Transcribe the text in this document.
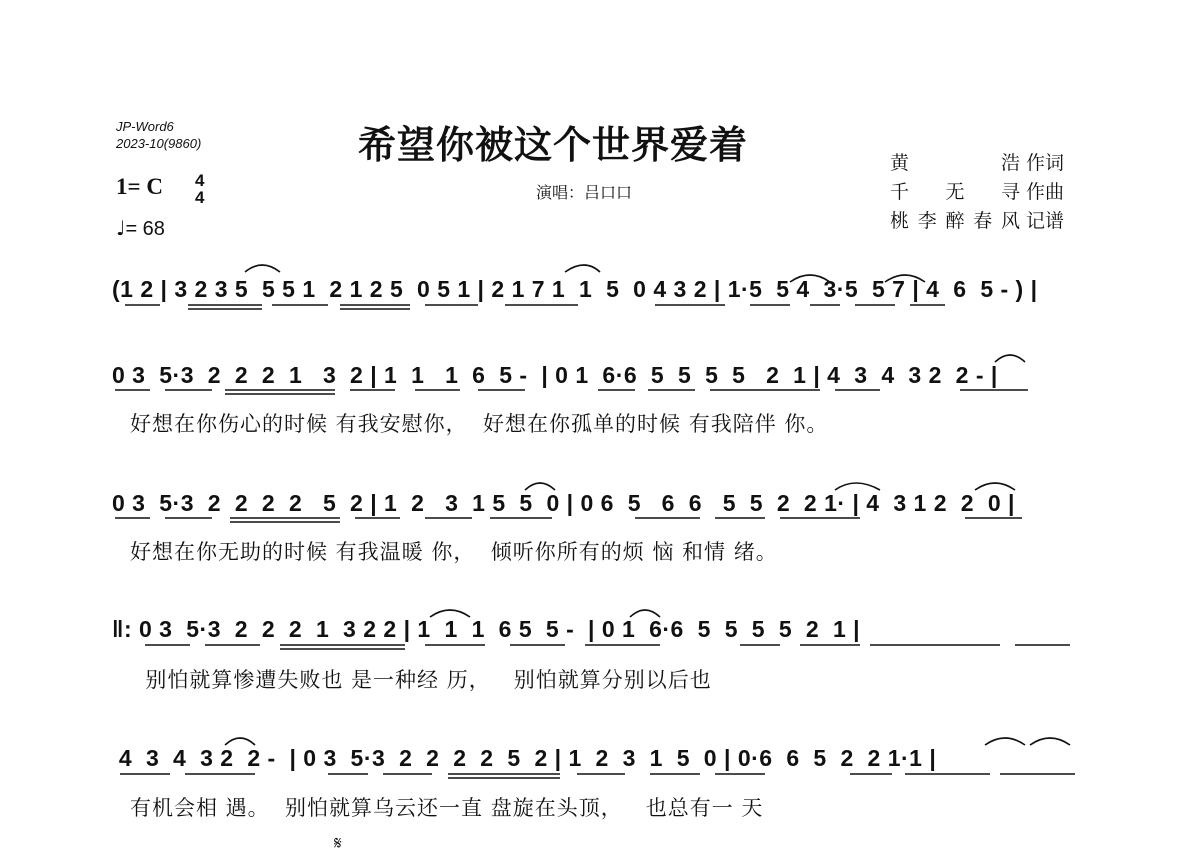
JP-Word6
2023-10(9860)	希望你被这个世界爱着
演唱：吕口口
黄　　浩 作词
千 无 寻 作曲
桃李醉春风 记谱
1= C 4
4
♩= 68
(1 2 | 3 2 3 5  5 5 1  2 1 2 5  0 5 1 | 2 1 7 1  1  5  0 4 3 2 | 1·5  5 4  3·5  5 7 | 4  6  5 - ) |
0 3  5·3  2  2  2  1   3  2 | 1  1   1  6  5 -  | 0 1  6·6  5  5  5  5   2  1 | 4  3  4  3 2  2 - |
好想在你伤心的时候 有我安慰你，  好想在你孤单的时候 有我陪伴 你。
0 3  5·3  2  2  2  2   5  2 | 1  2   3  1 5  5  0 | 0 6  5   6  6   5  5  2  2 1· | 4  3 1 2  2  0 |
好想在你无助的时候 有我温暖 你，  倾听你所有的烦 恼 和情 绪。
‖: 0 3  5·3  2  2  2  1  3 2 2 | 1  1  1  6 5  5 -  | 0 1  6·6  5  5  5  5  2  1 |
别怕就算惨遭失败也 是一种经 历，   别怕就算分别以后也
4  3  4  3 2  2 -  | 0 3  5·3  2  2  2  2  5  2 | 1  2  3  1  5  0 | 0·6  6  5  2  2 1·1 |
有机会相 遇。  别怕就算乌云还一直 盘旋在头顶，   也总有一 天
𝄋
